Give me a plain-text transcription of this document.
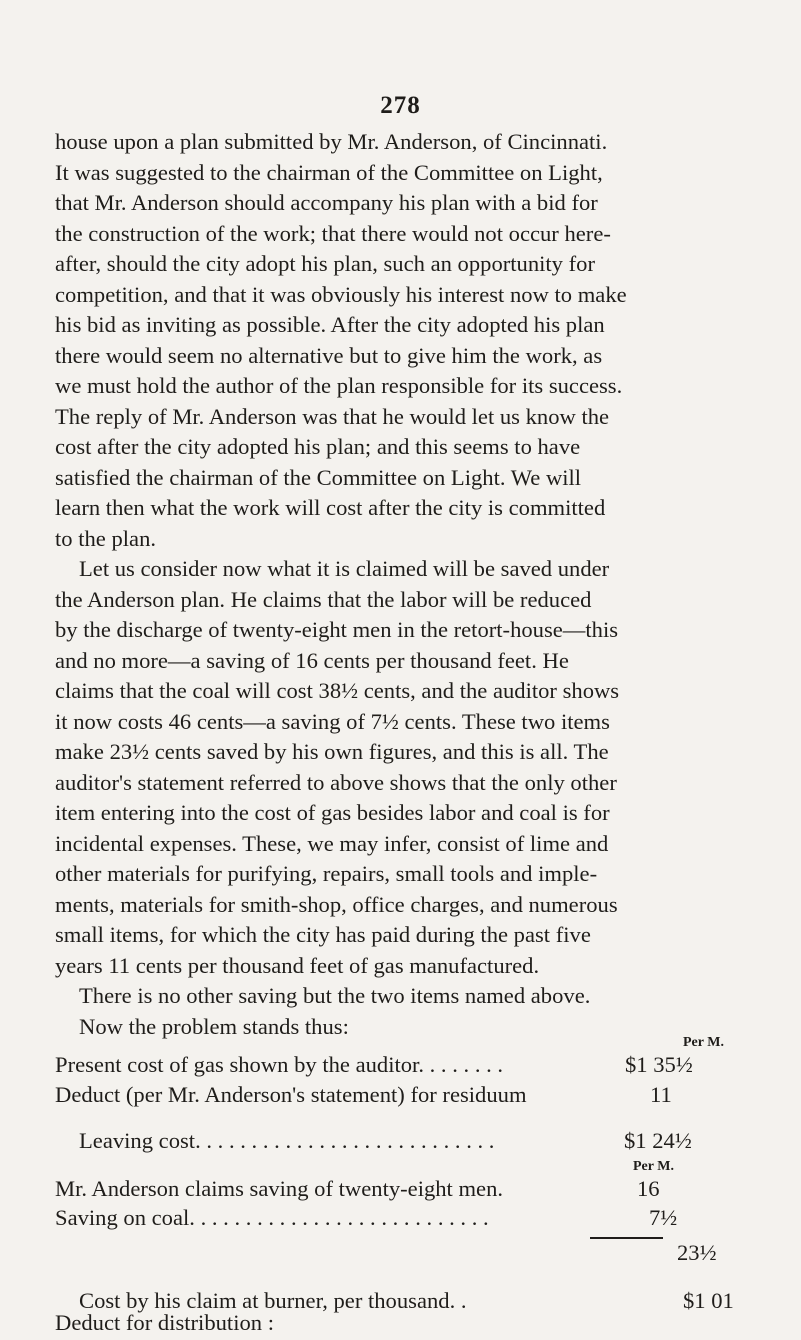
278
house upon a plan submitted by Mr. Anderson, of Cincinnati.
It was suggested to the chairman of the Committee on Light,
that Mr. Anderson should accompany his plan with a bid for
the construction of the work; that there would not occur here-
after, should the city adopt his plan, such an opportunity for
competition, and that it was obviously his interest now to make
his bid as inviting as possible. After the city adopted his plan
there would seem no alternative but to give him the work, as
we must hold the author of the plan responsible for its success.
The reply of Mr. Anderson was that he would let us know the
cost after the city adopted his plan; and this seems to have
satisfied the chairman of the Committee on Light. We will
learn then what the work will cost after the city is committed
to the plan.
Let us consider now what it is claimed will be saved under
the Anderson plan. He claims that the labor will be reduced
by the discharge of twenty-eight men in the retort-house—this
and no more—a saving of 16 cents per thousand feet. He
claims that the coal will cost 38½ cents, and the auditor shows
it now costs 46 cents—a saving of 7½ cents. These two items
make 23½ cents saved by his own figures, and this is all. The
auditor's statement referred to above shows that the only other
item entering into the cost of gas besides labor and coal is for
incidental expenses. These, we may infer, consist of lime and
other materials for purifying, repairs, small tools and imple-
ments, materials for smith-shop, office charges, and numerous
small items, for which the city has paid during the past five
years 11 cents per thousand feet of gas manufactured.
There is no other saving but the two items named above.
Now the problem stands thus:
Per M.
Present cost of gas shown by the auditor. . . . . . . .	$1 35½
Deduct (per Mr. Anderson's statement) for residuum	11
Leaving cost. . . . . . . . . . . . . . . . . . . . . . . . . . .	$1 24½
Per M.
Mr. Anderson claims saving of twenty-eight men.	16
Saving on coal. . . . . . . . . . . . . . . . . . . . . . . . . . .	7½
23½
Cost by his claim at burner, per thousand. .	$1 01
Deduct for distribution :
